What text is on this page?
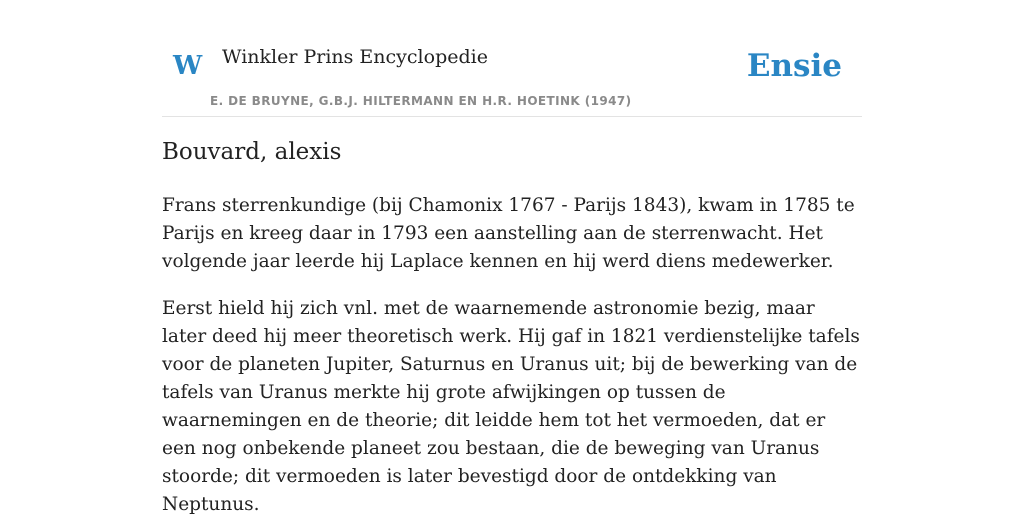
W Winkler Prins Encyclopedie
E. DE BRUYNE, G.B.J. HILTERMANN EN H.R. HOETINK (1947)
Ensie
Bouvard, alexis

Frans sterrenkundige (bij Chamonix 1767 - Parijs 1843), kwam in 1785 te Parijs en kreeg daar in 1793 een aanstelling aan de sterrenwacht. Het volgende jaar leerde hij Laplace kennen en hij werd diens medewerker.

Eerst hield hij zich vnl. met de waarnemende astronomie bezig, maar later deed hij meer theoretisch werk. Hij gaf in 1821 verdienstelijke tafels voor de planeten Jupiter, Saturnus en Uranus uit; bij de bewerking van de tafels van Uranus merkte hij grote afwijkingen op tussen de waarnemingen en de theorie; dit leidde hem tot het vermoeden, dat er een nog onbekende planeet zou bestaan, die de beweging van Uranus stoorde; dit vermoeden is later bevestigd door de ontdekking van Neptunus.
